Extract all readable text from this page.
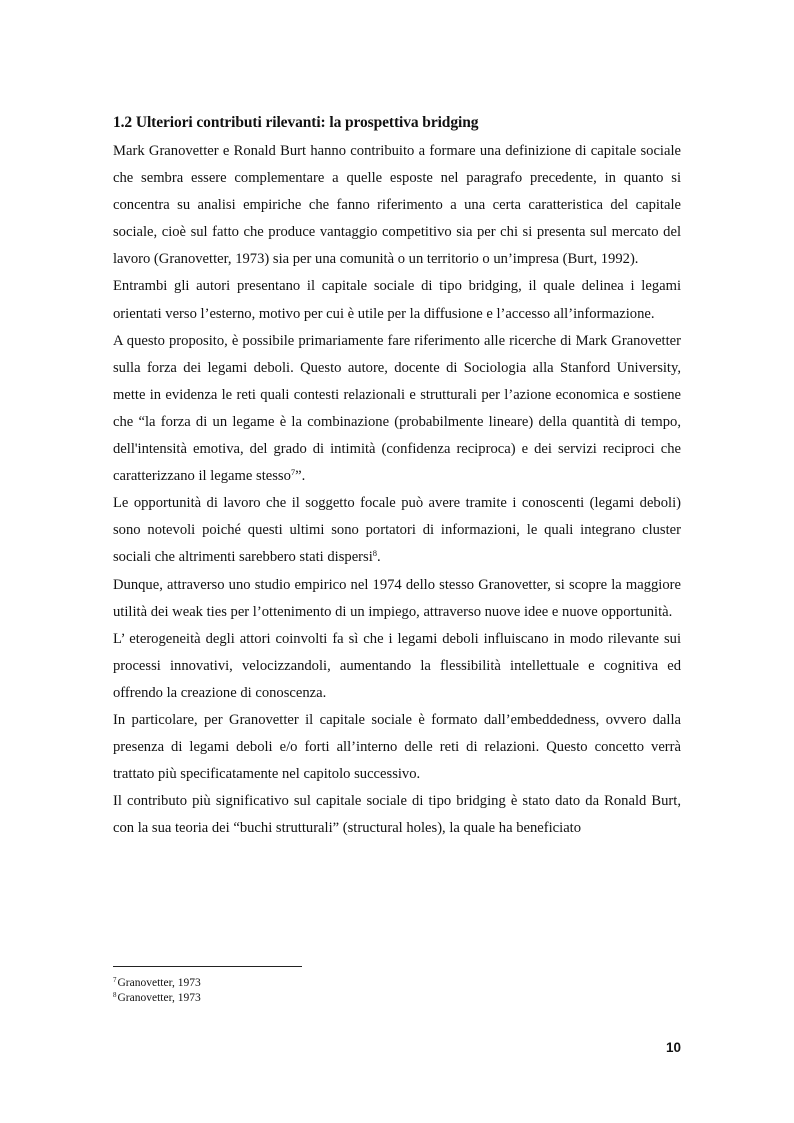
1.2 Ulteriori contributi rilevanti: la prospettiva bridging

Mark Granovetter e Ronald Burt hanno contribuito a formare una definizione di capitale sociale che sembra essere complementare a quelle esposte nel paragrafo precedente, in quanto si concentra su analisi empiriche che fanno riferimento a una certa caratteristica del capitale sociale, cioè sul fatto che produce vantaggio competitivo sia per chi si presenta sul mercato del lavoro (Granovetter, 1973) sia per una comunità o un territorio o un’impresa (Burt, 1992).

Entrambi gli autori presentano il capitale sociale di tipo bridging, il quale delinea i legami orientati verso l’esterno, motivo per cui è utile per la diffusione e l’accesso all’informazione.

A questo proposito, è possibile primariamente fare riferimento alle ricerche di Mark Granovetter sulla forza dei legami deboli. Questo autore, docente di Sociologia alla Stanford University, mette in evidenza le reti quali contesti relazionali e strutturali per l’azione economica e sostiene che “la forza di un legame è la combinazione (probabilmente lineare) della quantità di tempo, dell'intensità emotiva, del grado di intimità (confidenza reciproca) e dei servizi reciproci che caratterizzano il legame stesso$^7$”.

Le opportunità di lavoro che il soggetto focale può avere tramite i conoscenti (legami deboli) sono notevoli poiché questi ultimi sono portatori di informazioni, le quali integrano cluster sociali che altrimenti sarebbero stati dispersi$^8$.

Dunque, attraverso uno studio empirico nel 1974 dello stesso Granovetter, si scopre la maggiore utilità dei weak ties per l’ottenimento di un impiego, attraverso nuove idee e nuove opportunità.

L’ eterogeneità degli attori coinvolti fa sì che i legami deboli influiscano in modo rilevante sui processi innovativi, velocizzandoli, aumentando la flessibilità intellettuale e cognitiva ed offrendo la creazione di conoscenza.

In particolare, per Granovetter il capitale sociale è formato dall’embeddedness, ovvero dalla presenza di legami deboli e/o forti all’interno delle reti di relazioni. Questo concetto verrà trattato più specificatamente nel capitolo successivo.

Il contributo più significativo sul capitale sociale di tipo bridging è stato dato da Ronald Burt, con la sua teoria dei “buchi strutturali” (structural holes), la quale ha beneficiato

$^7$Granovetter, 1973

$^8$Granovetter, 1973

10
